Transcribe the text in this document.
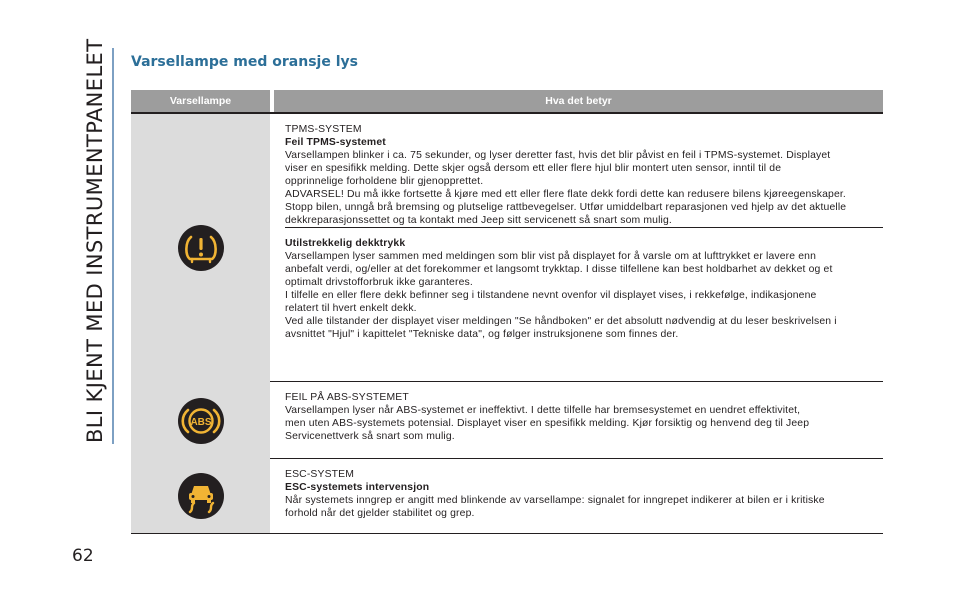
BLI KJENT MED INSTRUMENTPANELET
62
Varsellampe med oransje lys
Varsellampe	Hva det betyr

TPMS-SYSTEM

Feil TPMS-systemet

Varsellampen blinker i ca. 75 sekunder, og lyser deretter fast, hvis det blir påvist en feil i TPMS-systemet. Displayet

viser en spesifikk melding. Dette skjer også dersom ett eller flere hjul blir montert uten sensor, inntil til de

opprinnelige forholdene blir gjenopprettet.

ADVARSEL! Du må ikke fortsette å kjøre med ett eller flere flate dekk fordi dette kan redusere bilens kjøreegenskaper.

Stopp bilen, unngå brå bremsing og plutselige rattbevegelser. Utfør umiddelbart reparasjonen ved hjelp av det aktuelle

dekkreparasjonssettet og ta kontakt med Jeep sitt servicenett så snart som mulig.

Utilstrekkelig dekktrykk

Varsellampen lyser sammen med meldingen som blir vist på displayet for å varsle om at lufttrykket er lavere enn

anbefalt verdi, og/eller at det forekommer et langsomt trykktap. I disse tilfellene kan best holdbarhet av dekket og et

optimalt drivstofforbruk ikke garanteres.

I tilfelle en eller flere dekk befinner seg i tilstandene nevnt ovenfor vil displayet vises, i rekkefølge, indikasjonene

relatert til hvert enkelt dekk.

Ved alle tilstander der displayet viser meldingen "Se håndboken" er det absolutt nødvendig at du leser beskrivelsen i

avsnittet "Hjul" i kapittelet "Tekniske data", og følger instruksjonene som finnes der.

ABS

FEIL PÅ ABS-SYSTEMET

Varsellampen lyser når ABS-systemet er ineffektivt. I dette tilfelle har bremsesystemet en uendret effektivitet,

men uten ABS-systemets potensial. Displayet viser en spesifikk melding. Kjør forsiktig og henvend deg til Jeep

Servicenettverk så snart som mulig.

ESC-SYSTEM

ESC-systemets intervensjon

Når systemets inngrep er angitt med blinkende av varsellampe: signalet for inngrepet indikerer at bilen er i kritiske

forhold når det gjelder stabilitet og grep.
